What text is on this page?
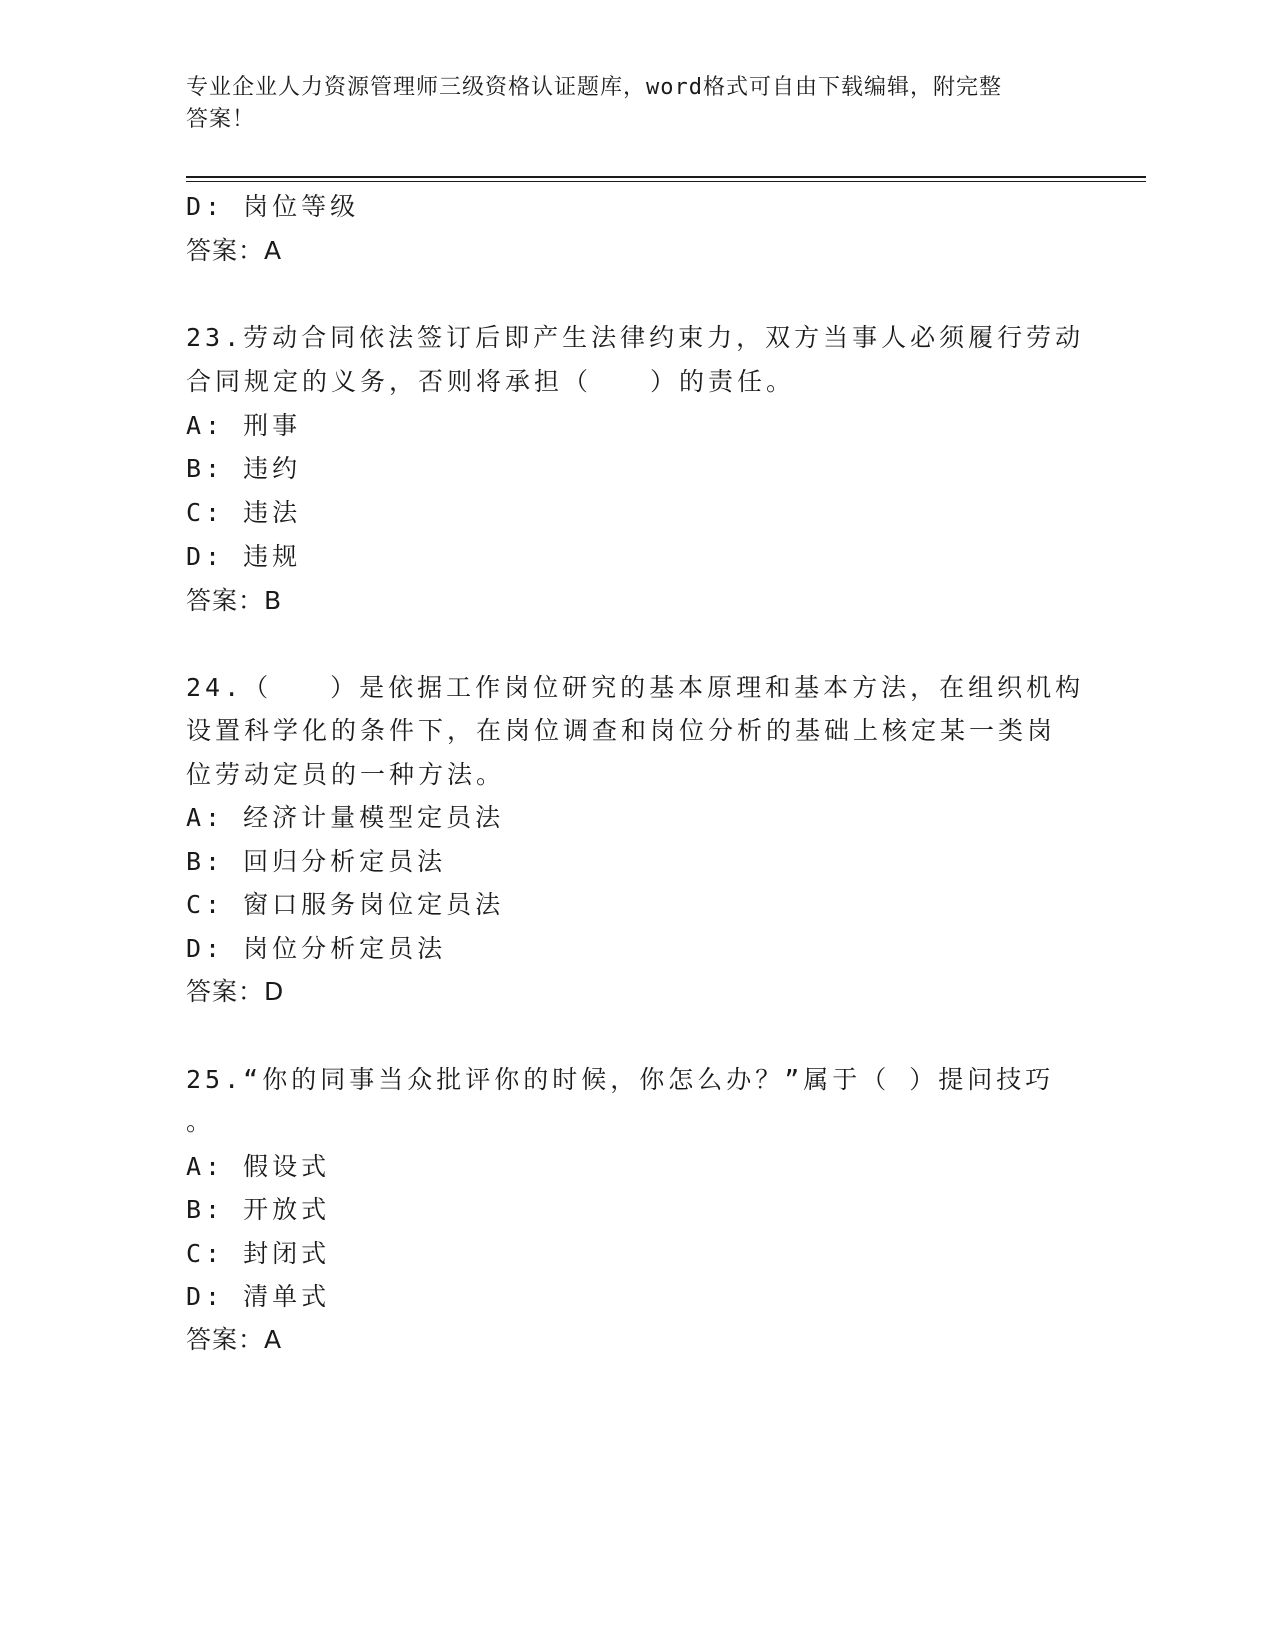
专业企业人力资源管理师三级资格认证题库，word格式可自由下载编辑，附完整
答案！
D: 岗位等级
答案：A
23.劳动合同依法签订后即产生法律约束力，双方当事人必须履行劳动
合同规定的义务，否则将承担（　　）的责任。
A: 刑事
B: 违约
C: 违法
D: 违规
答案：B
24.（　　）是依据工作岗位研究的基本原理和基本方法，在组织机构
设置科学化的条件下，在岗位调查和岗位分析的基础上核定某一类岗
位劳动定员的一种方法。
A: 经济计量模型定员法
B: 回归分析定员法
C: 窗口服务岗位定员法
D: 岗位分析定员法
答案：D
25.“你的同事当众批评你的时候，你怎么办？”属于（ ）提问技巧
。
A: 假设式
B: 开放式
C: 封闭式
D: 清单式
答案：A
